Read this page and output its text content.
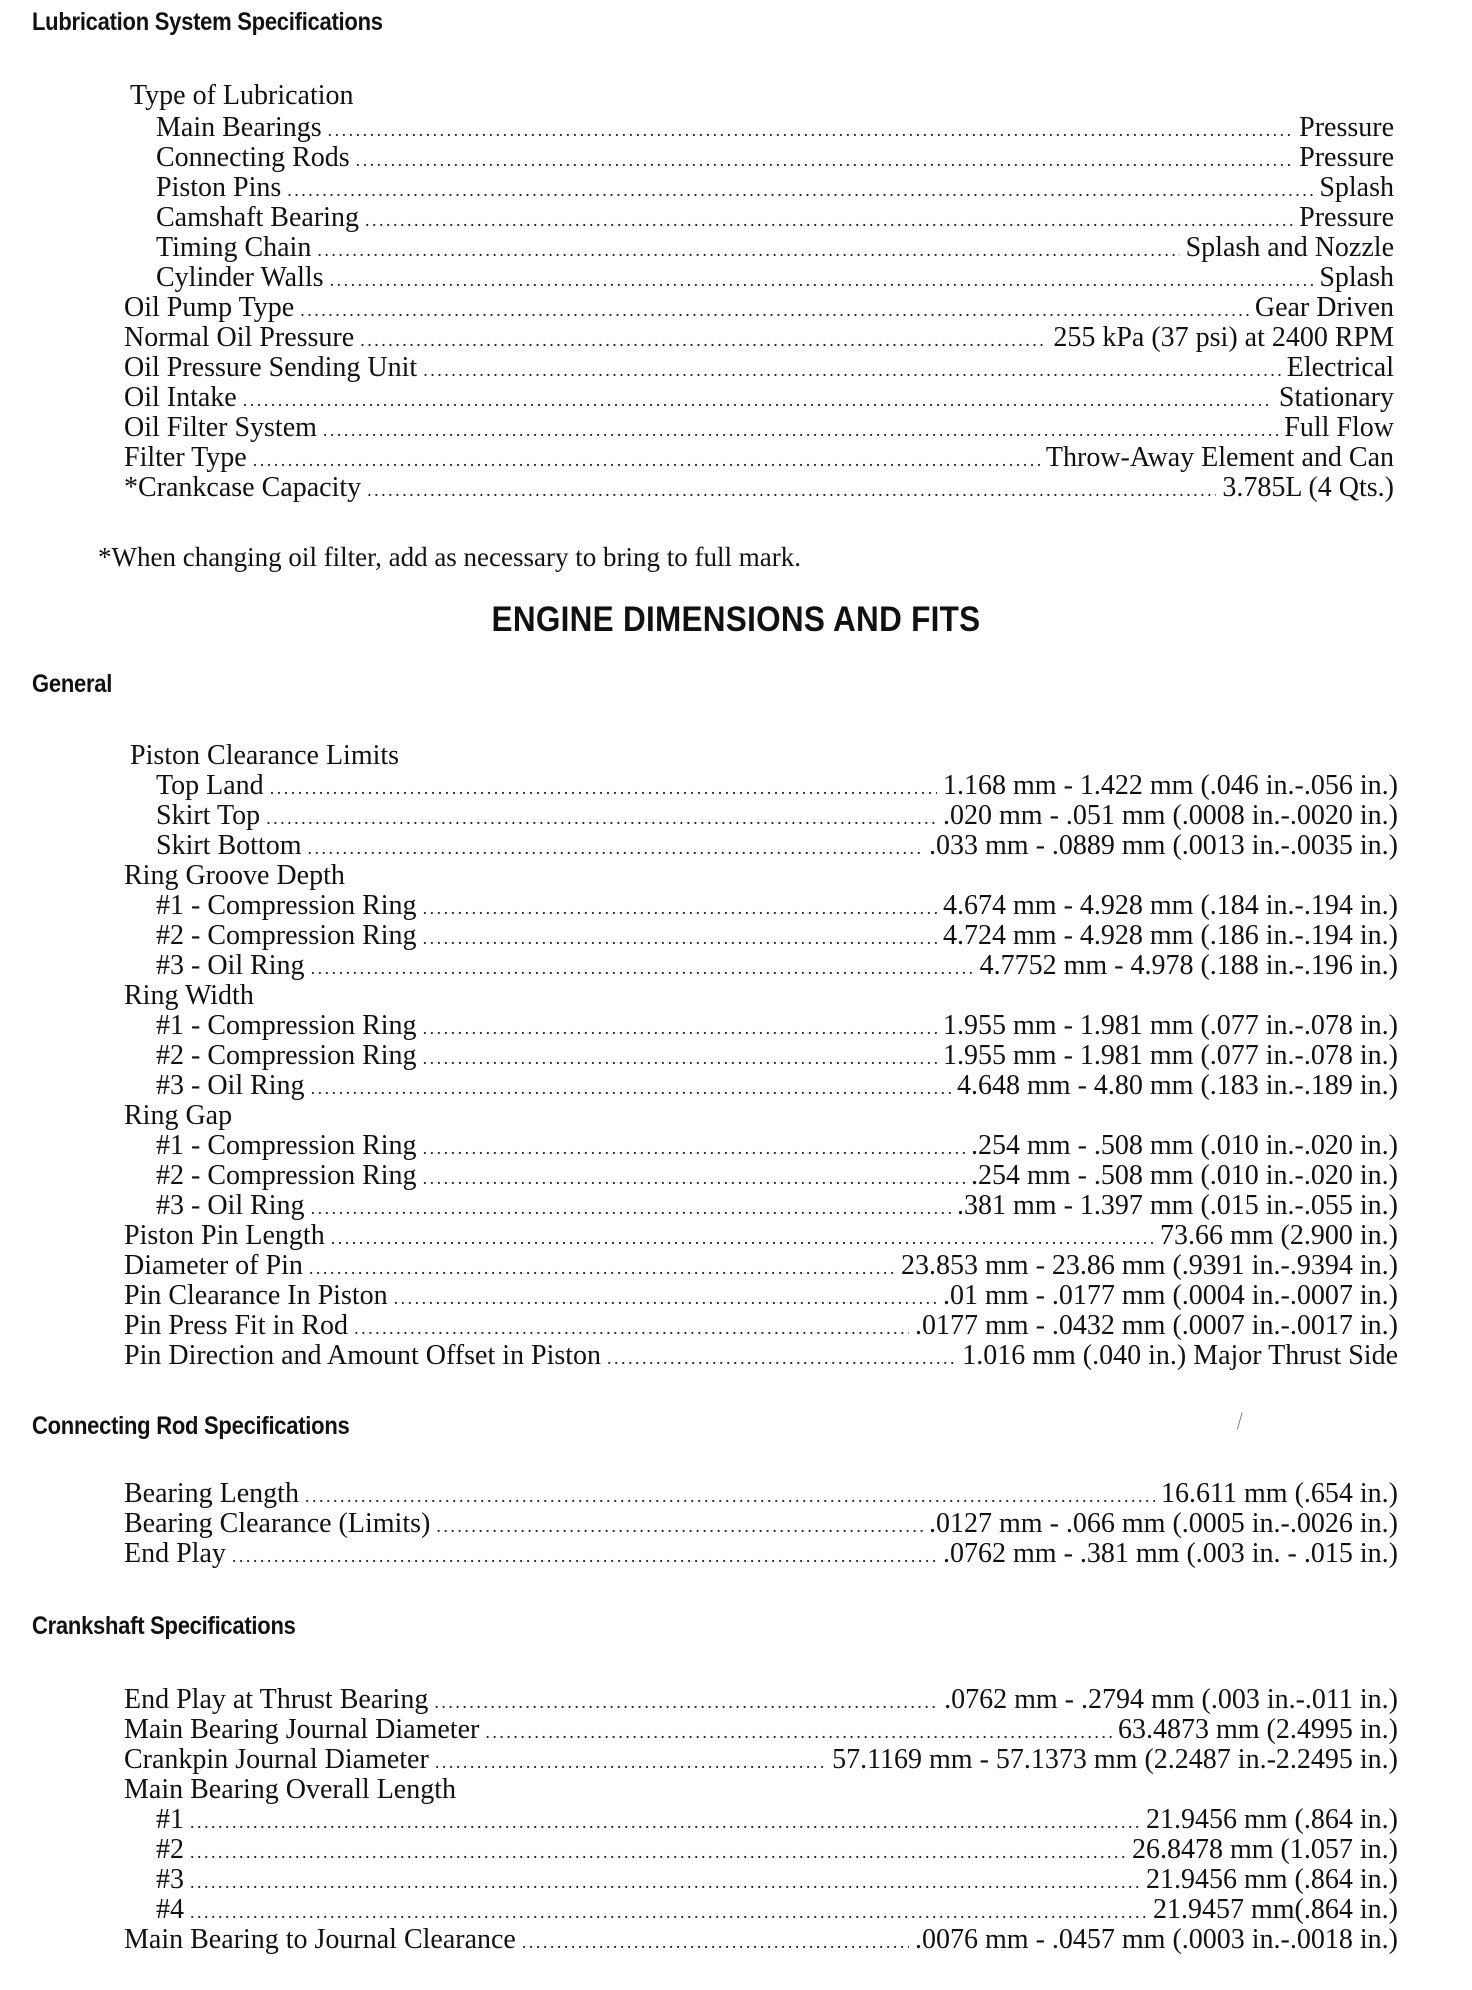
Lubrication System Specifications
Type of Lubrication
Main Bearings .....	Pressure
Connecting Rods .....	Pressure
Piston Pins .....	Splash
Camshaft Bearing .....	Pressure
Timing Chain .....	Splash and Nozzle
Cylinder Walls .....	Splash
Oil Pump Type .....	Gear Driven
Normal Oil Pressure .....	255 kPa (37 psi) at 2400 RPM
Oil Pressure Sending Unit .....	Electrical
Oil Intake .....	Stationary
Oil Filter System .....	Full Flow
Filter Type .....	Throw-Away Element and Can
*Crankcase Capacity .....	3.785L (4 Qts.)
*When changing oil filter, add as necessary to bring to full mark.
ENGINE DIMENSIONS AND FITS
General
Piston Clearance Limits
Top Land .....	1.168 mm - 1.422 mm (.046 in.-.056 in.)
Skirt Top .....	.020 mm - .051 mm (.0008 in.-.0020 in.)
Skirt Bottom .....	.033 mm - .0889 mm (.0013 in.-.0035 in.)
Ring Groove Depth
#1 - Compression Ring .....	4.674 mm - 4.928 mm (.184 in.-.194 in.)
#2 - Compression Ring .....	4.724 mm - 4.928 mm (.186 in.-.194 in.)
#3 - Oil Ring .....	4.7752 mm - 4.978 (.188 in.-.196 in.)
Ring Width
#1 - Compression Ring .....	1.955 mm - 1.981 mm (.077 in.-.078 in.)
#2 - Compression Ring .....	1.955 mm - 1.981 mm (.077 in.-.078 in.)
#3 - Oil Ring .....	4.648 mm - 4.80 mm (.183 in.-.189 in.)
Ring Gap
#1 - Compression Ring .....	.254 mm - .508 mm (.010 in.-.020 in.)
#2 - Compression Ring .....	.254 mm - .508 mm (.010 in.-.020 in.)
#3 - Oil Ring .....	.381 mm - 1.397 mm (.015 in.-.055 in.)
Piston Pin Length .....	73.66 mm (2.900 in.)
Diameter of Pin .....	23.853 mm - 23.86 mm (.9391 in.-.9394 in.)
Pin Clearance In Piston .....	.01 mm - .0177 mm (.0004 in.-.0007 in.)
Pin Press Fit in Rod .....	.0177 mm - .0432 mm (.0007 in.-.0017 in.)
Pin Direction and Amount Offset in Piston .....	1.016 mm (.040 in.) Major Thrust Side
Connecting Rod Specifications	⁄
Bearing Length .....	16.611 mm (.654 in.)
Bearing Clearance (Limits) .....	.0127 mm - .066 mm (.0005 in.-.0026 in.)
End Play .....	.0762 mm - .381 mm (.003 in. - .015 in.)
Crankshaft Specifications
End Play at Thrust Bearing .....	.0762 mm - .2794 mm (.003 in.-.011 in.)
Main Bearing Journal Diameter .....	63.4873 mm (2.4995 in.)
Crankpin Journal Diameter .....	57.1169 mm - 57.1373 mm (2.2487 in.-2.2495 in.)
Main Bearing Overall Length
#1 .....	21.9456 mm (.864 in.)
#2 .....	26.8478 mm (1.057 in.)
#3 .....	21.9456 mm (.864 in.)
#4 .....	21.9457 mm(.864 in.)
Main Bearing to Journal Clearance .....	.0076 mm - .0457 mm (.0003 in.-.0018 in.)
